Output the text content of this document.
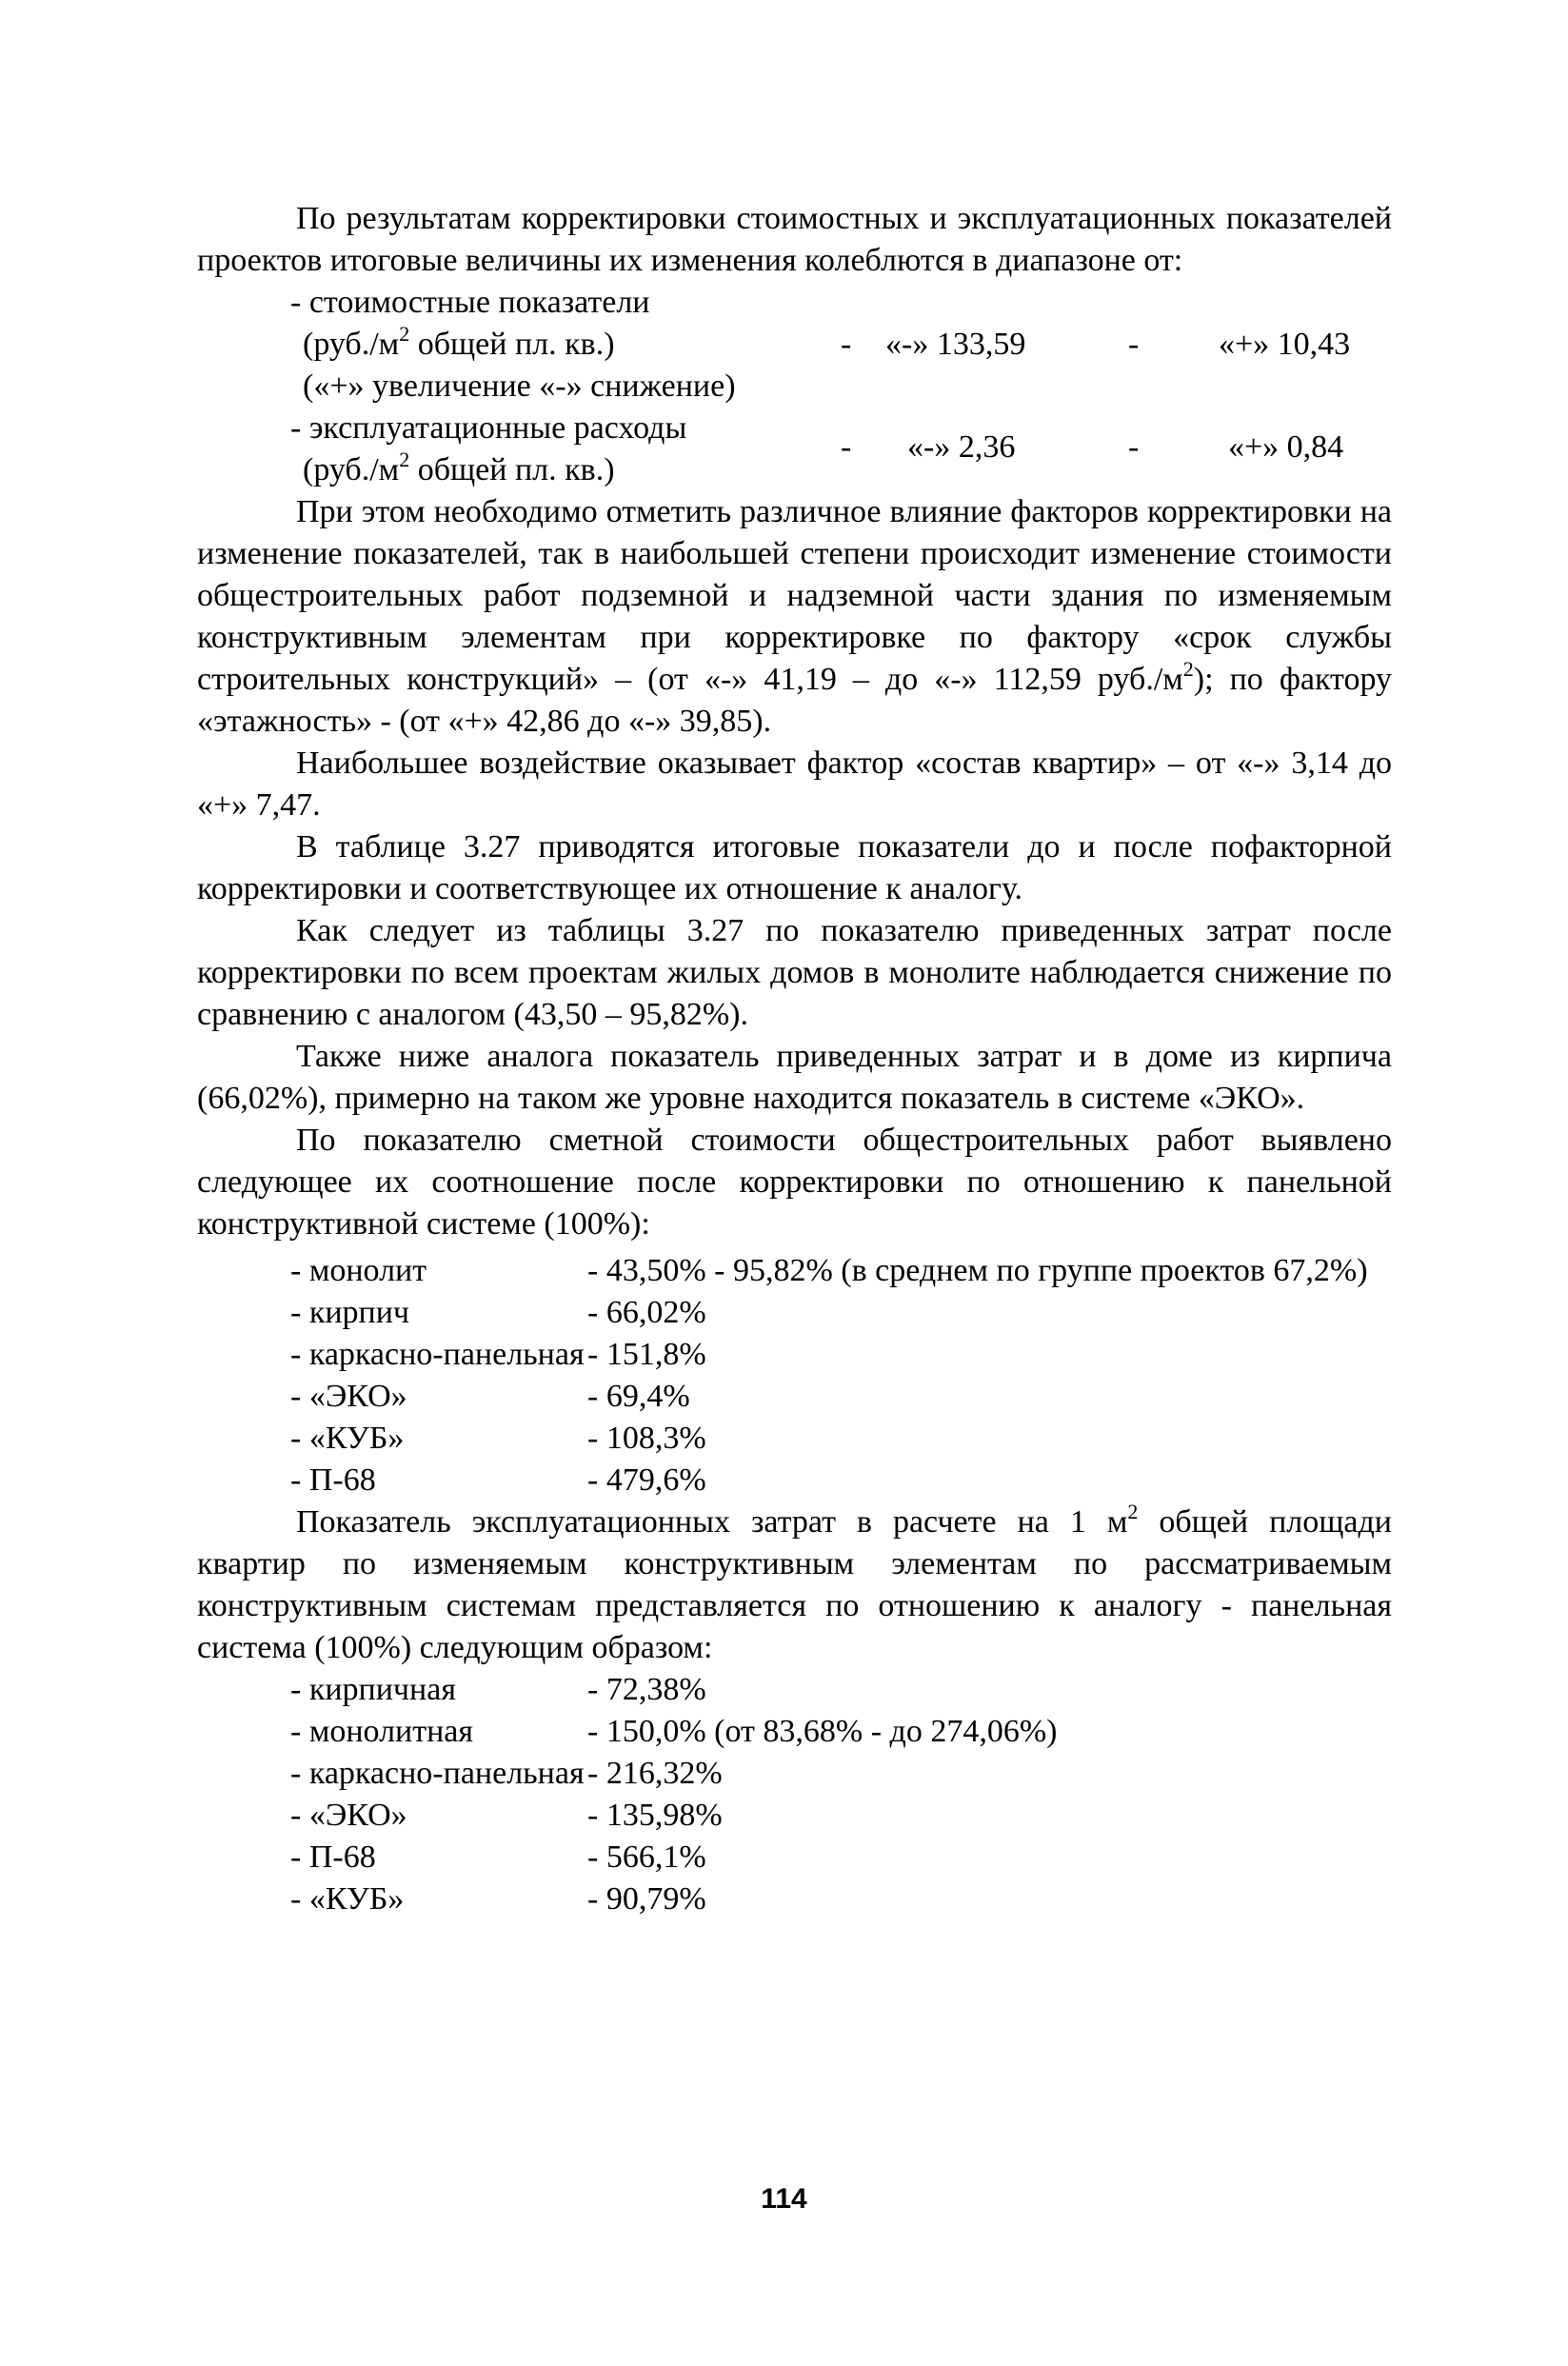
По результатам корректировки стоимостных и эксплуатационных показателей проектов итоговые величины их изменения колеблются в диапазоне от:

- стоимостные показатели
($руб./м^2$ общей пл. кв.)	- «-» 133,59	- «+» 10,43
(«+» увеличение «-» снижение)
- эксплуатационные расходы
($руб./м^2$ общей пл. кв.)
- «-» 2,36	-	«+» 0,84

При этом необходимо отметить различное влияние факторов корректировки на изменение показателей, так в наибольшей степени происходит изменение стоимости общестроительных работ подземной и надземной части здания по изменяемым конструктивным элементам при корректировке по фактору «срок службы строительных конструкций» – (от «-» 41,19 – до «-» 112,59 $руб./м^2$); по фактору «этажность» - (от «+» 42,86 до «-» 39,85).

Наибольшее воздействие оказывает фактор «состав квартир» – от «-» 3,14 до «+» 7,47.

В таблице 3.27 приводятся итоговые показатели до и после пофакторной корректировки и соответствующее их отношение к аналогу.

Как следует из таблицы 3.27 по показателю приведенных затрат после корректировки по всем проектам жилых домов в монолите наблюдается снижение по сравнению с аналогом (43,50 – 95,82%).

Также ниже аналога показатель приведенных затрат и в доме из кирпича (66,02%), примерно на таком же уровне находится показатель в системе «ЭКО».

По показателю сметной стоимости общестроительных работ выявлено следующее их соотношение после корректировки по отношению к панельной конструктивной системе (100%):

- монолит	- 43,50% - 95,82% (в среднем по группе проектов 67,2%)
- кирпич	- 66,02%
- каркасно-панельная - 151,8%
- «ЭКО»	- 69,4%
- «КУБ»	- 108,3%
- П-68	- 479,6%

Показатель эксплуатационных затрат в расчете на 1 $м^2$ общей площади квартир по изменяемым конструктивным элементам по рассматриваемым конструктивным системам представляется по отношению к аналогу - панельная система (100%) следующим образом:

- кирпичная	- 72,38%
- монолитная	- 150,0% (от 83,68% - до 274,06%)
- каркасно-панельная - 216,32%
- «ЭКО»	- 135,98%
- П-68	- 566,1%
- «КУБ»	- 90,79%
114
